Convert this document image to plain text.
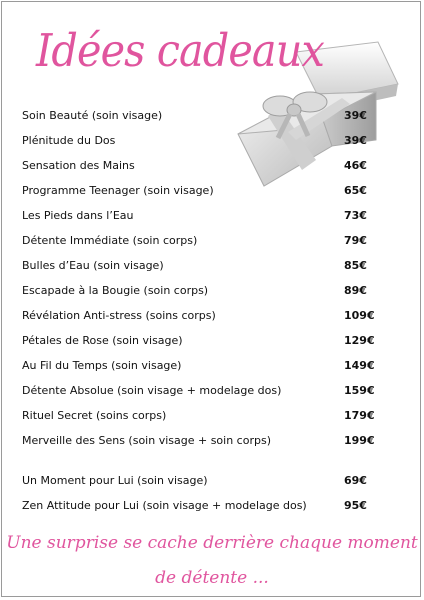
Idées cadeaux
Soin Beauté (soin visage)	39€
Plénitude du Dos	39€
Sensation des Mains	46€
Programme Teenager (soin visage)	65€
Les Pieds dans l’Eau	73€
Détente Immédiate (soin corps)	79€
Bulles d’Eau (soin visage)	85€
Escapade à la Bougie (soin corps)	89€
Révélation Anti-stress (soins corps)	109€
Pétales de Rose (soin visage)	129€
Au Fil du Temps (soin visage)	149€
Détente Absolue (soin visage + modelage dos)	159€
Rituel Secret (soins corps)	179€
Merveille des Sens (soin visage + soin corps)	199€
Un Moment pour Lui (soin visage)	69€
Zen Attitude pour Lui (soin visage + modelage dos)	95€
Une surprise se cache derrière chaque moment
de détente ...
